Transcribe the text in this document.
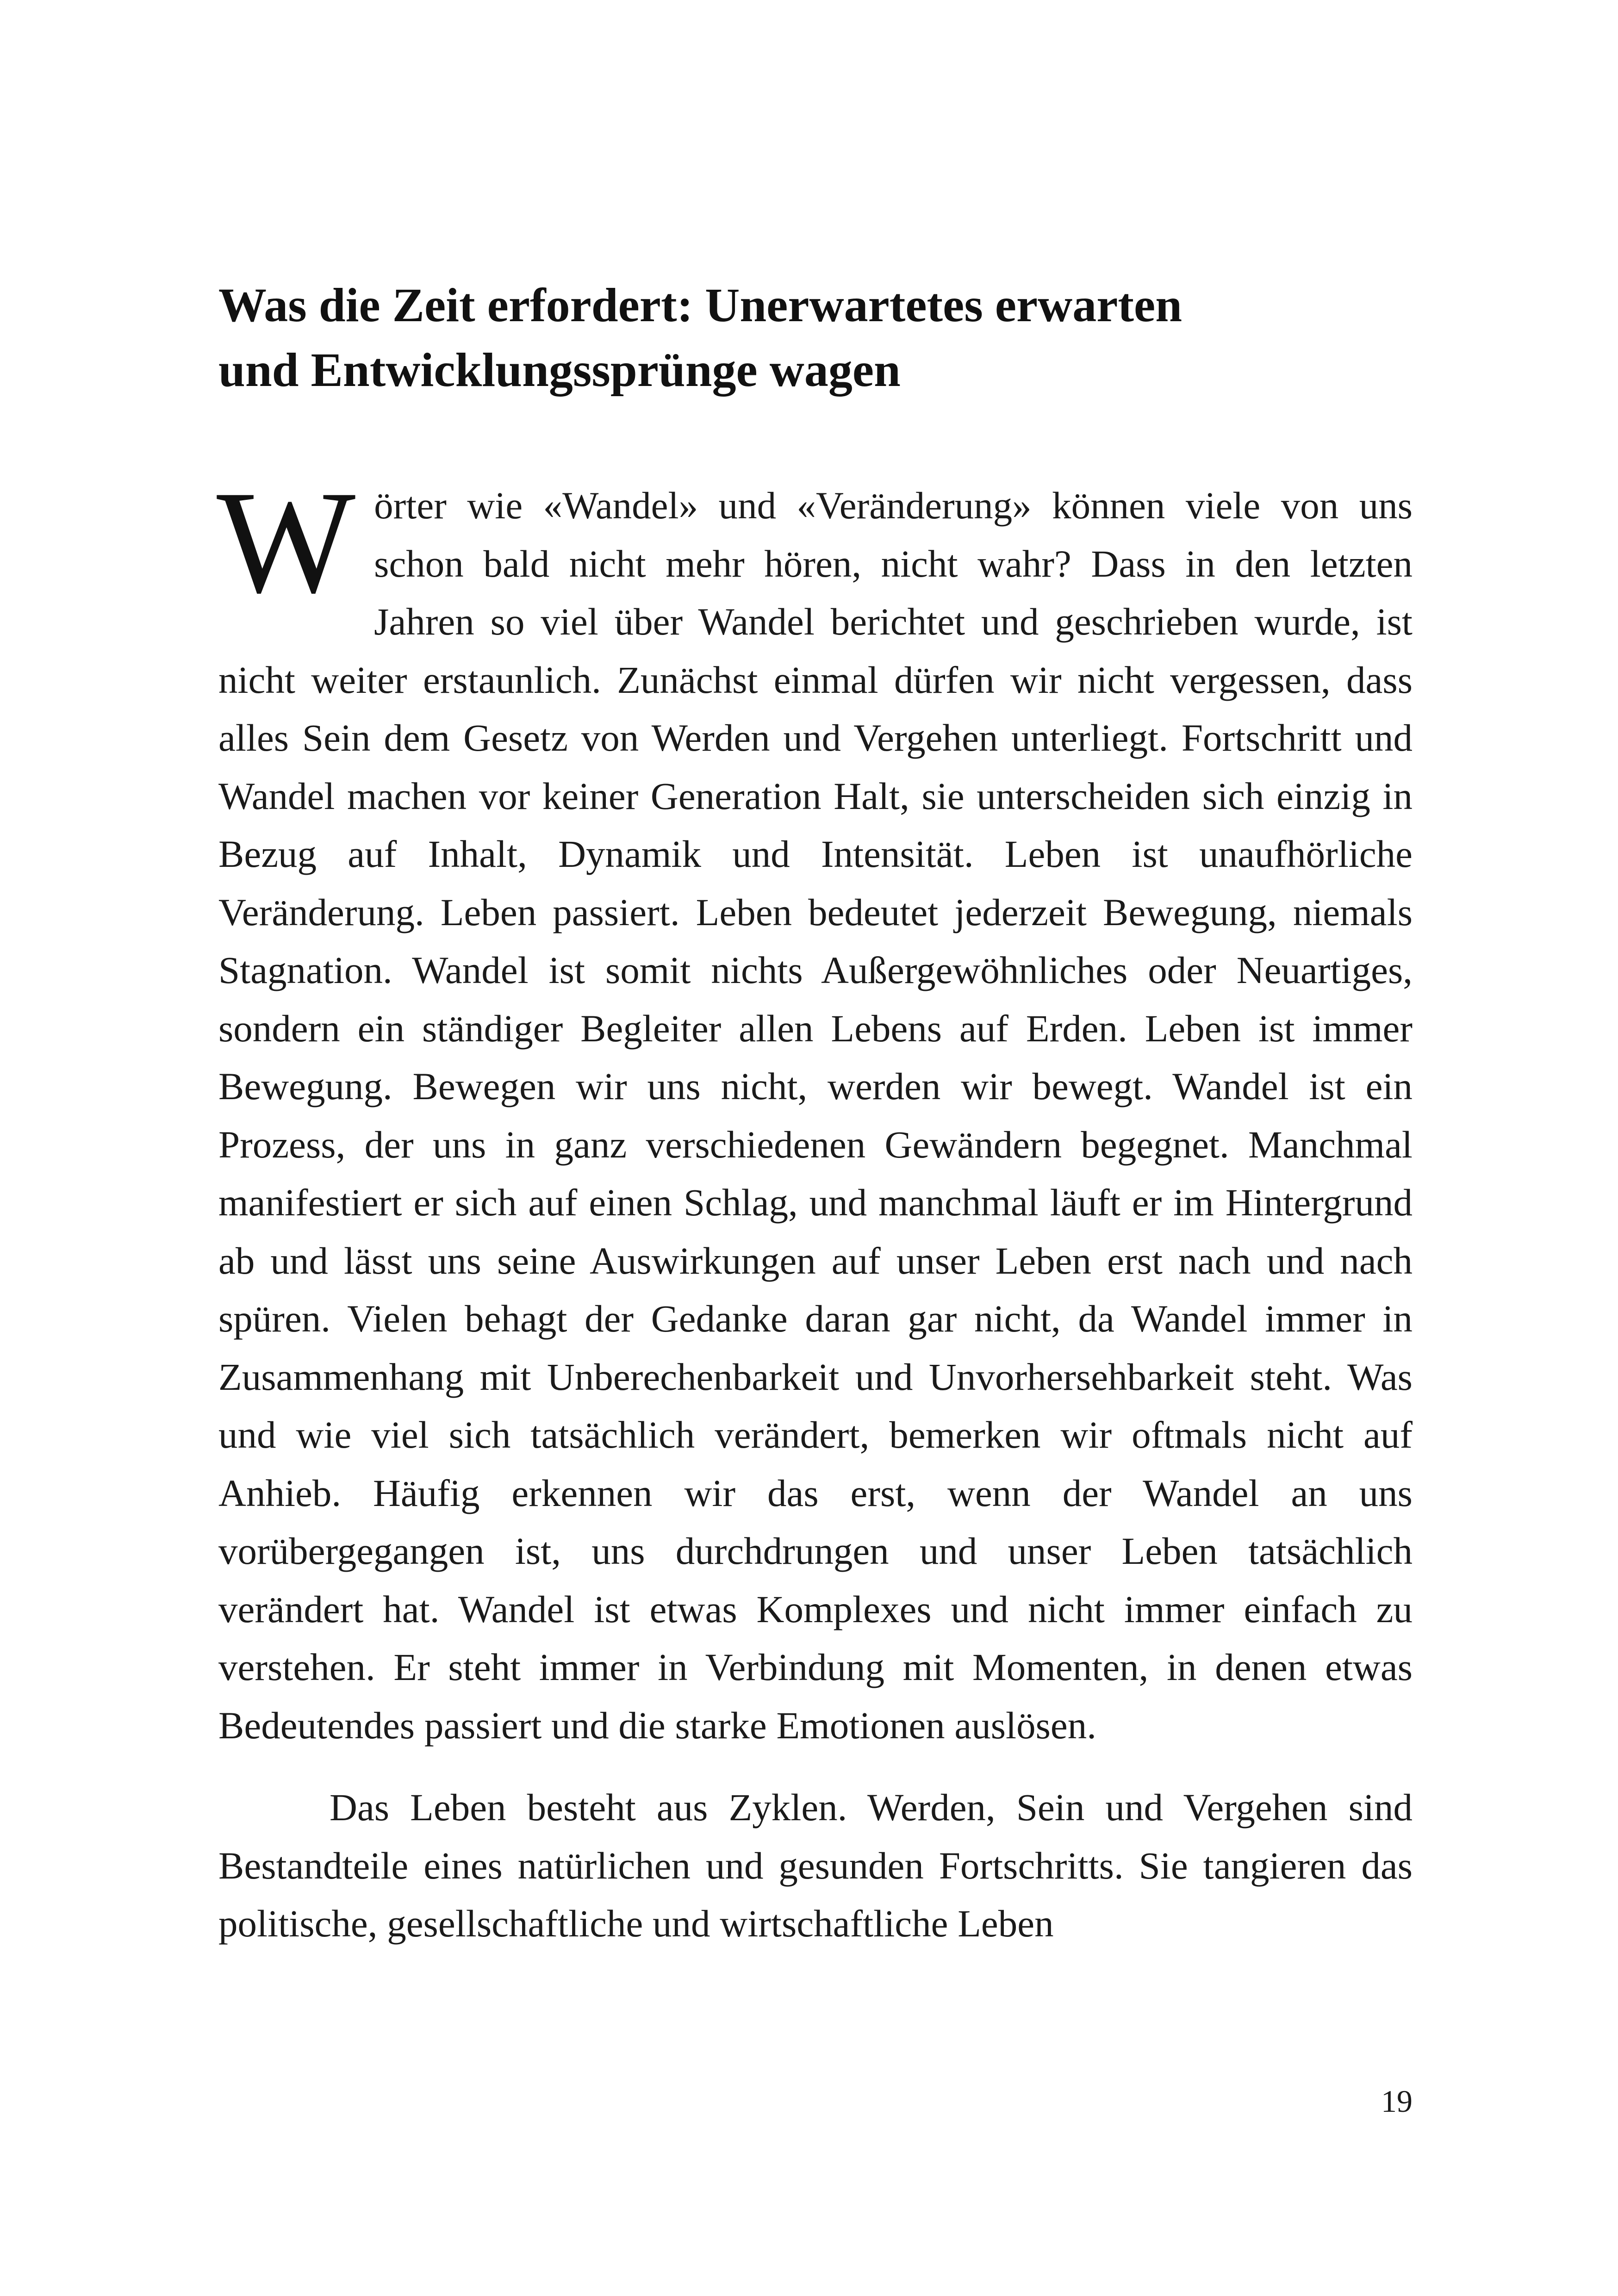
Was die Zeit erfordert: Unerwartetes erwarten
und Entwicklungssprünge wagen

Wörter wie «Wandel» und «Veränderung» können viele von uns schon bald nicht mehr hören, nicht wahr? Dass in den letzten Jahren so viel über Wandel berichtet und geschrieben wurde, ist nicht weiter erstaunlich. Zunächst einmal dürfen wir nicht vergessen, dass alles Sein dem Gesetz von Werden und Vergehen unterliegt. Fortschritt und Wandel machen vor keiner Generation Halt, sie unterscheiden sich einzig in Bezug auf Inhalt, Dynamik und Intensität. Leben ist unaufhörliche Veränderung. Leben passiert. Leben bedeutet jederzeit Bewegung, niemals Stagnation. Wandel ist somit nichts Außergewöhnliches oder Neuartiges, sondern ein ständiger Begleiter allen Lebens auf Erden. Leben ist immer Bewegung. Bewegen wir uns nicht, werden wir bewegt. Wandel ist ein Prozess, der uns in ganz verschiedenen Gewändern begegnet. Manchmal manifestiert er sich auf einen Schlag, und manchmal läuft er im Hintergrund ab und lässt uns seine Auswirkungen auf unser Leben erst nach und nach spüren. Vielen behagt der Gedanke daran gar nicht, da Wandel immer in Zusammenhang mit Unberechenbarkeit und Unvorhersehbarkeit steht. Was und wie viel sich tatsächlich verändert, bemerken wir oftmals nicht auf Anhieb. Häufig erkennen wir das erst, wenn der Wandel an uns vorübergegangen ist, uns durchdrungen und unser Leben tatsächlich verändert hat. Wandel ist etwas Komplexes und nicht immer einfach zu verstehen. Er steht immer in Verbindung mit Momenten, in denen etwas Bedeutendes passiert und die starke Emotionen auslösen.

Das Leben besteht aus Zyklen. Werden, Sein und Vergehen sind Bestandteile eines natürlichen und gesunden Fortschritts. Sie tangieren das politische, gesellschaftliche und wirtschaftliche Leben

19
